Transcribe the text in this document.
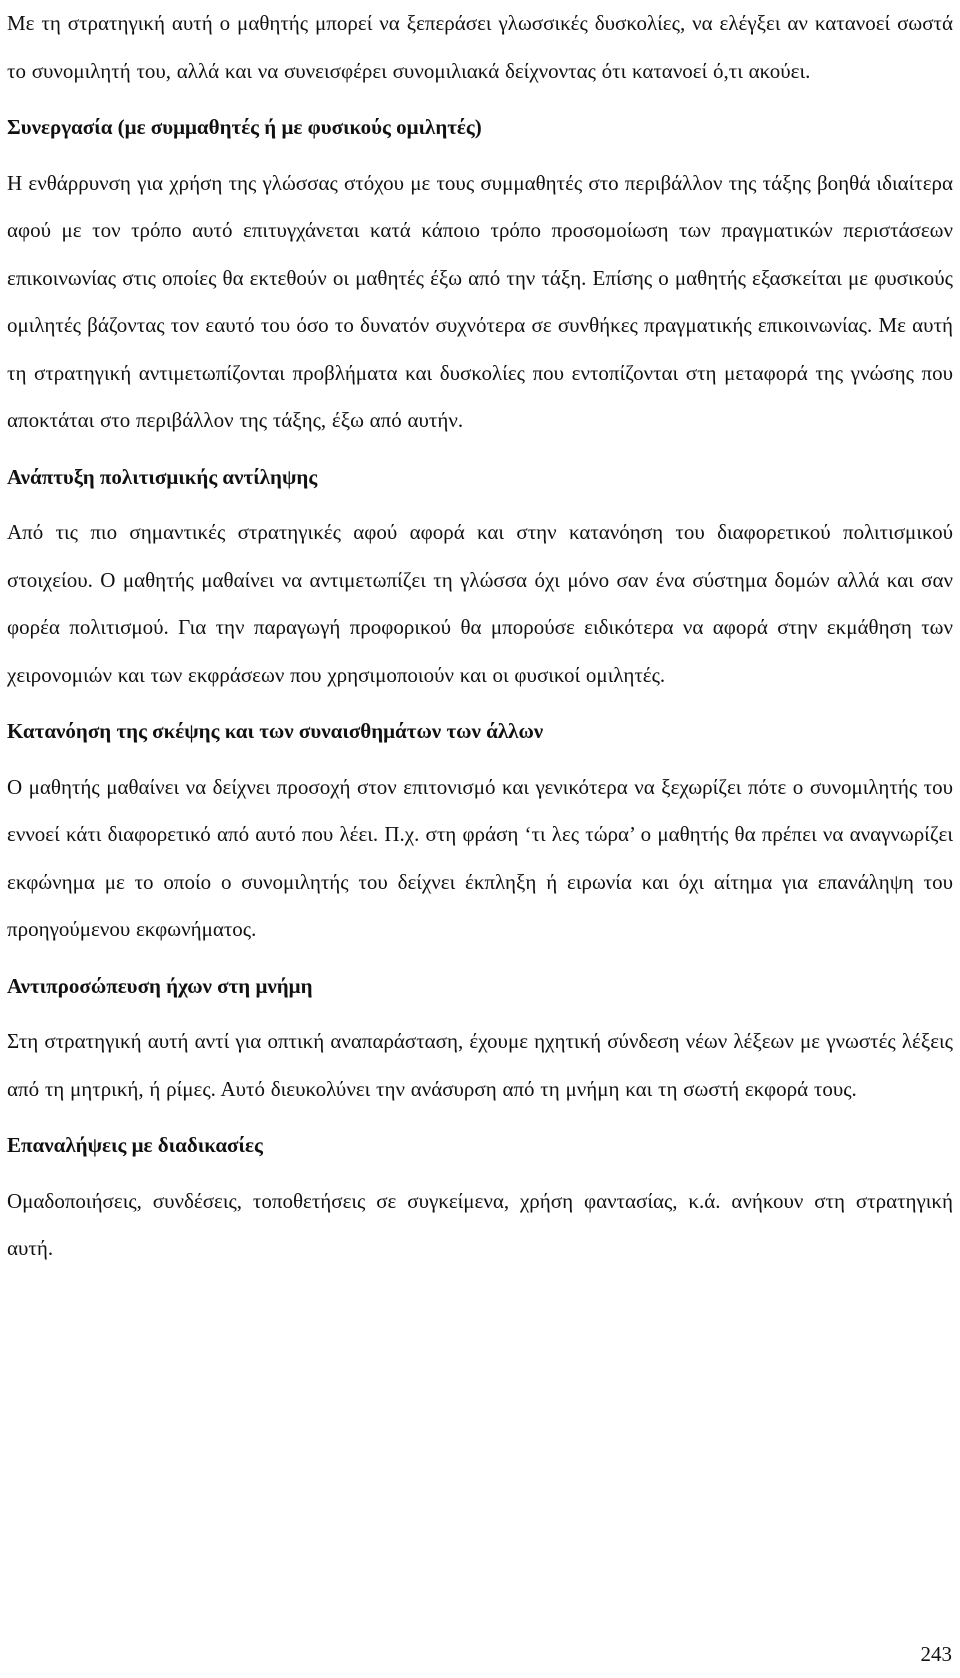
Με τη στρατηγική αυτή ο μαθητής μπορεί να ξεπεράσει γλωσσικές δυσκολίες, να ελέγξει αν κατανοεί σωστά το συνομιλητή του, αλλά και να συνεισφέρει συνομιλιακά δείχνοντας ότι κατανοεί ό,τι ακούει.

Συνεργασία (με συμμαθητές ή με φυσικούς ομιλητές)

Η ενθάρρυνση για χρήση της γλώσσας στόχου με τους συμμαθητές στο περιβάλλον της τάξης βοηθά ιδιαίτερα αφού με τον τρόπο αυτό επιτυγχάνεται κατά κάποιο τρόπο προσομοίωση των πραγματικών περιστάσεων επικοινωνίας στις οποίες θα εκτεθούν οι μαθητές έξω από την τάξη. Επίσης ο μαθητής εξασκείται με φυσικούς ομιλητές βάζοντας τον εαυτό του όσο το δυνατόν συχνότερα σε συνθήκες πραγματικής επικοινωνίας. Με αυτή τη στρατηγική αντιμετωπίζονται προβλήματα και δυσκολίες που εντοπίζονται στη μεταφορά της γνώσης που αποκτάται στο περιβάλλον της τάξης, έξω από αυτήν.

Ανάπτυξη πολιτισμικής αντίληψης

Από τις πιο σημαντικές στρατηγικές αφού αφορά και στην κατανόηση του διαφορετικού πολιτισμικού στοιχείου. Ο μαθητής μαθαίνει να αντιμετωπίζει τη γλώσσα όχι μόνο σαν ένα σύστημα δομών αλλά και σαν φορέα πολιτισμού. Για την παραγωγή προφορικού θα μπορούσε ειδικότερα να αφορά στην εκμάθηση των χειρονομιών και των εκφράσεων που χρησιμοποιούν και οι φυσικοί ομιλητές.

Κατανόηση της σκέψης και των συναισθημάτων των άλλων

Ο μαθητής μαθαίνει να δείχνει προσοχή στον επιτονισμό και γενικότερα να ξεχωρίζει πότε ο συνομιλητής του εννοεί κάτι διαφορετικό από αυτό που λέει. Π.χ. στη φράση ‘τι λες τώρα’ ο μαθητής θα πρέπει να αναγνωρίζει εκφώνημα με το οποίο ο συνομιλητής του δείχνει έκπληξη ή ειρωνία και όχι αίτημα για επανάληψη του προηγούμενου εκφωνήματος.

Αντιπροσώπευση ήχων στη μνήμη

Στη στρατηγική αυτή αντί για οπτική αναπαράσταση, έχουμε ηχητική σύνδεση νέων λέξεων με γνωστές λέξεις από τη μητρική, ή ρίμες. Αυτό διευκολύνει την ανάσυρση από τη μνήμη και τη σωστή εκφορά τους.

Επαναλήψεις με διαδικασίες

Ομαδοποιήσεις, συνδέσεις, τοποθετήσεις σε συγκείμενα, χρήση φαντασίας, κ.ά. ανήκουν στη στρατηγική αυτή.

243
